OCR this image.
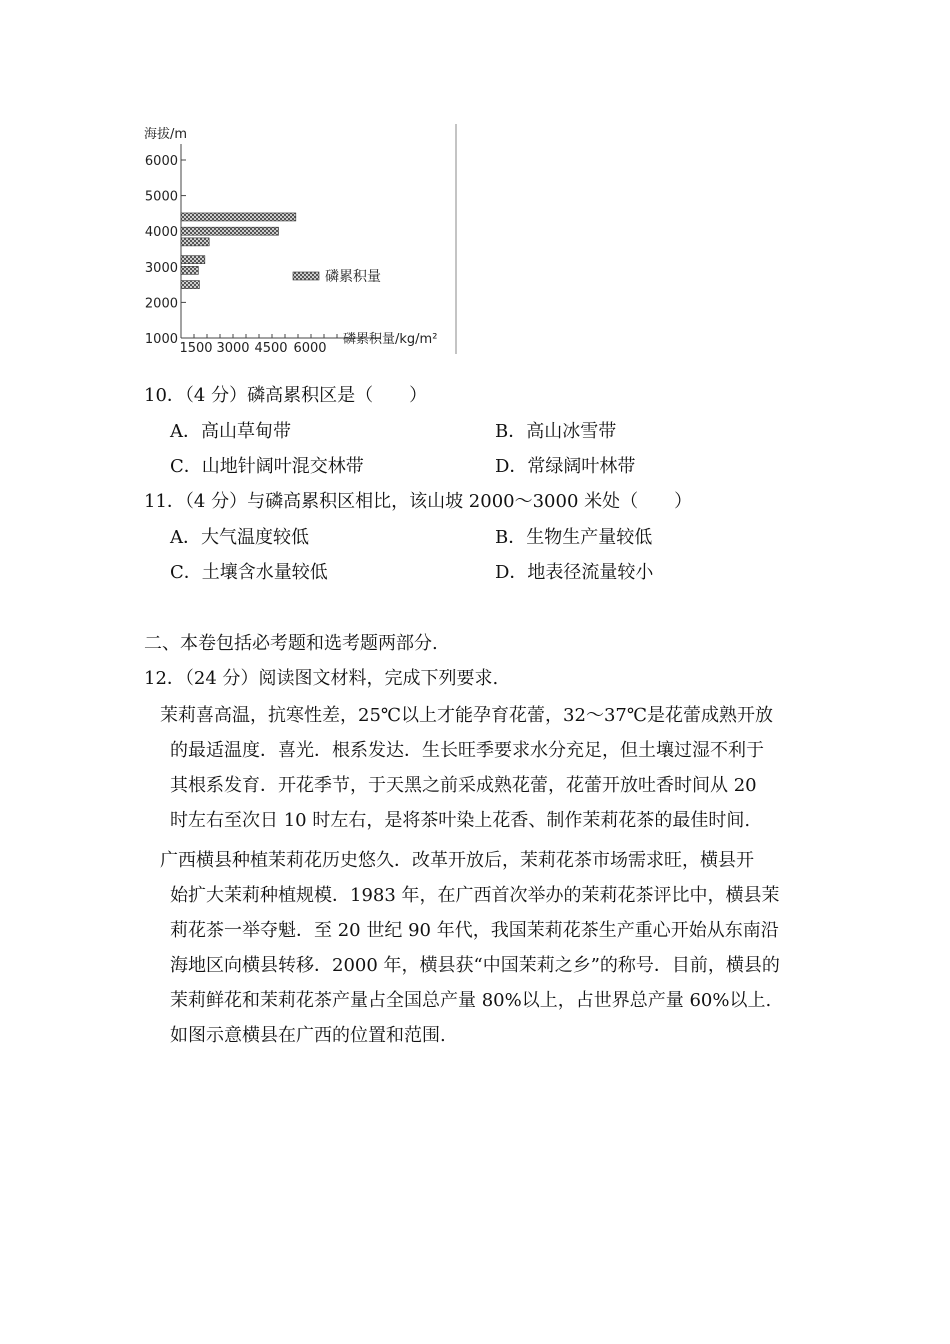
6000
5000
4000
3000
2000
1000
1500 3000 4500 6000
海拔/m
磷累积量/kg/m²
磷累积量
10．（4 分）磷高累积区是（　　）
A．高山草甸带	B．高山冰雪带
C．山地针阔叶混交林带	D．常绿阔叶林带
11．（4 分）与磷高累积区相比，该山坡 2000～3000 米处（　　）
A．大气温度较低	B．生物生产量较低
C．土壤含水量较低	D．地表径流量较小
二、本卷包括必考题和选考题两部分.
12．（24 分）阅读图文材料，完成下列要求.
茉莉喜高温，抗寒性差，25℃以上才能孕育花蕾，32～37℃是花蕾成熟开放
的最适温度．喜光．根系发达．生长旺季要求水分充足，但土壤过湿不利于
其根系发育．开花季节，于天黑之前采成熟花蕾，花蕾开放吐香时间从 20
时左右至次日 10 时左右，是将茶叶染上花香、制作茉莉花茶的最佳时间.
广西横县种植茉莉花历史悠久．改革开放后，茉莉花茶市场需求旺，横县开
始扩大茉莉种植规模．1983 年，在广西首次举办的茉莉花茶评比中，横县茉
莉花茶一举夺魁．至 20 世纪 90 年代，我国茉莉花茶生产重心开始从东南沿
海地区向横县转移．2000 年，横县获“中国茉莉之乡”的称号．目前，横县的
茉莉鲜花和茉莉花茶产量占全国总产量 80%以上，占世界总产量 60%以上.
如图示意横县在广西的位置和范围.
